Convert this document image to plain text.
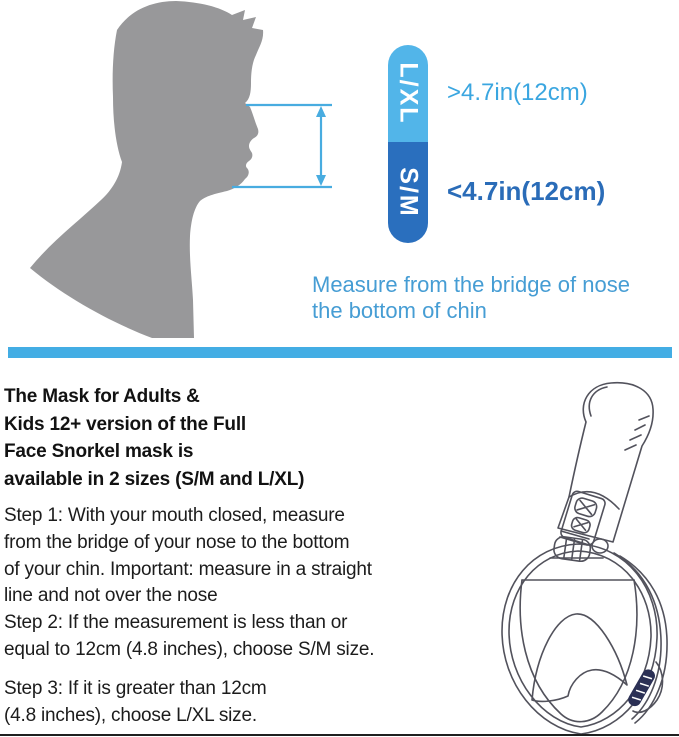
L/XL
S/M
>4.7in(12cm)
<4.7in(12cm)
Measure from the bridge of nose
the bottom of chin
The Mask for Adults &
Kids 12+ version of the Full
Face Snorkel mask is
available in 2 sizes (S/M and L/XL)
Step 1: With your mouth closed, measure
from the bridge of your nose to the bottom
of your chin. Important: measure in a straight
line and not over the nose
Step 2: If the measurement is less than or
equal to 12cm (4.8 inches), choose S/M size.
Step 3: If it is greater than 12cm
(4.8 inches), choose L/XL size.
